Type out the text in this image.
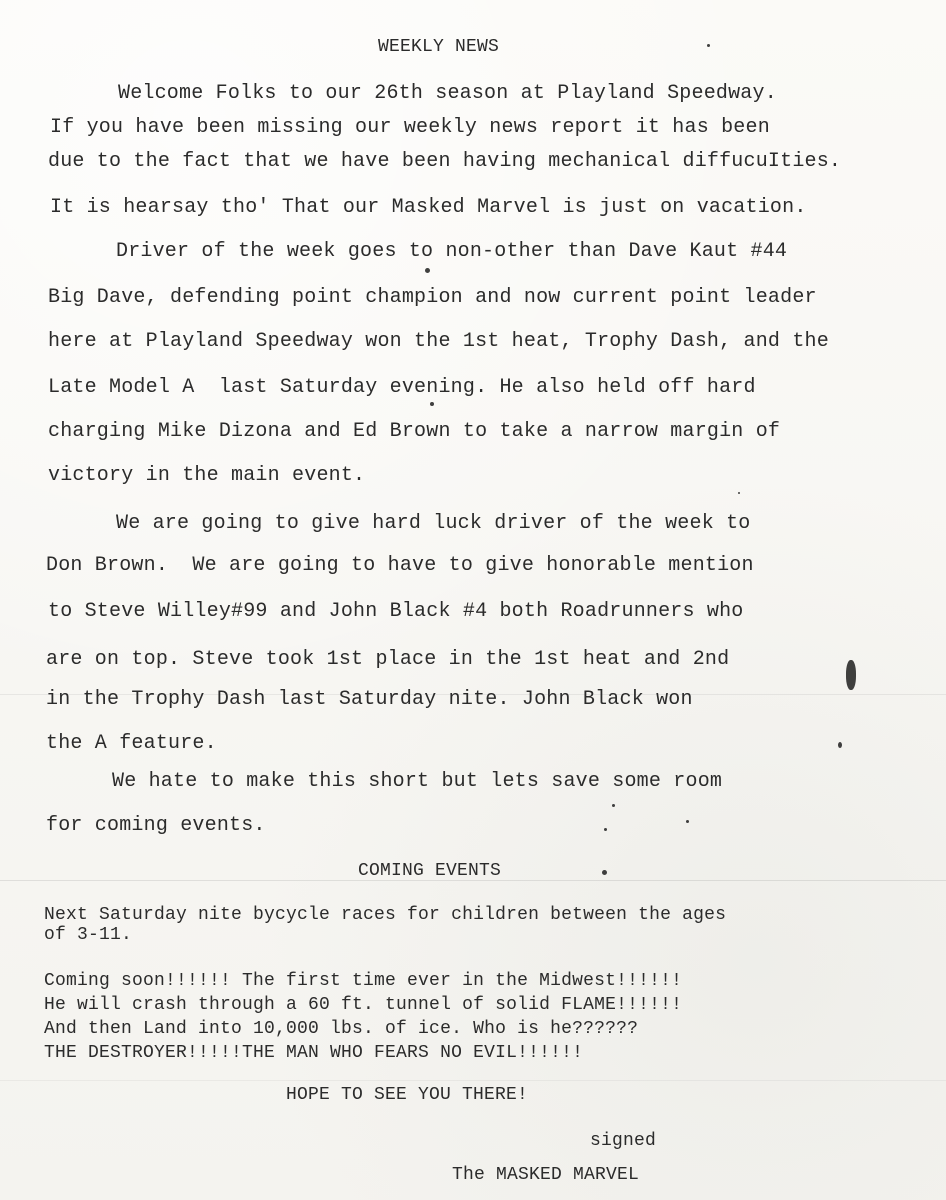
WEEKLY NEWS
Welcome Folks to our 26th season at Playland Speedway.
If you have been missing our weekly news report it has been
due to the fact that we have been having mechanical diffucuIties.
It is hearsay tho' That our Masked Marvel is just on vacation.
Driver of the week goes to non-other than Dave Kaut #44
Big Dave, defending point champion and now current point leader
here at Playland Speedway won the 1st heat, Trophy Dash, and the
Late Model A  last Saturday evening. He also held off hard
charging Mike Dizona and Ed Brown to take a narrow margin of
victory in the main event.
We are going to give hard luck driver of the week to
Don Brown.  We are going to have to give honorable mention
to Steve Willey#99 and John Black #4 both Roadrunners who
are on top. Steve took 1st place in the 1st heat and 2nd
in the Trophy Dash last Saturday nite. John Black won
the A feature.
We hate to make this short but lets save some room
for coming events.
COMING EVENTS
Next Saturday nite bycycle races for children between the ages
of 3-11.
Coming soon!!!!!! The first time ever in the Midwest!!!!!!
He will crash through a 60 ft. tunnel of solid FLAME!!!!!!
And then Land into 10,000 lbs. of ice. Who is he??????
THE DESTROYER!!!!!THE MAN WHO FEARS NO EVIL!!!!!!
HOPE TO SEE YOU THERE!
signed
The MASKED MARVEL
